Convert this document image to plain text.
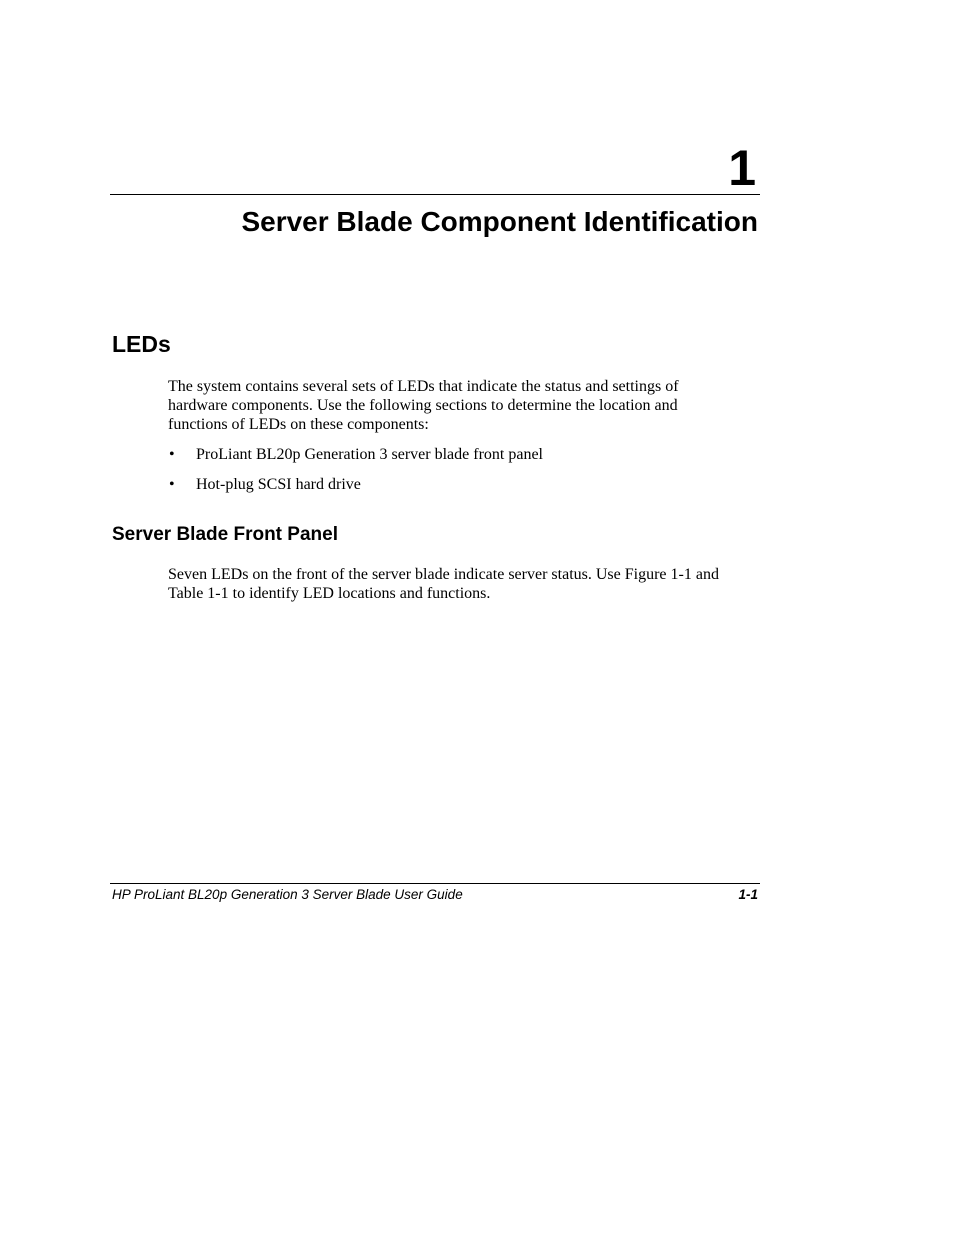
1
Server Blade Component Identification
LEDs

The system contains several sets of LEDs that indicate the status and settings of hardware components. Use the following sections to determine the location and functions of LEDs on these components:

• ProLiant BL20p Generation 3 server blade front panel
• Hot-plug SCSI hard drive
Server Blade Front Panel

Seven LEDs on the front of the server blade indicate server status. Use Figure 1-1 and Table 1-1 to identify LED locations and functions.

HP ProLiant BL20p Generation 3 Server Blade User Guide	1-1
